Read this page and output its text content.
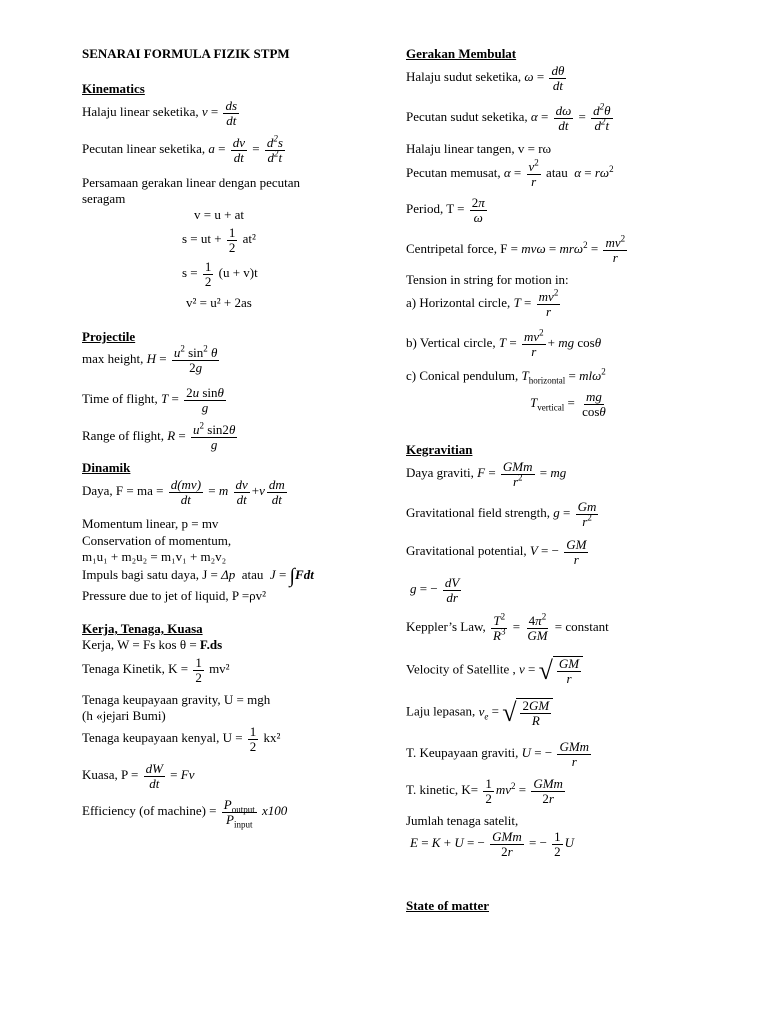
SENARAI FORMULA FIZIK STPM
Kinematics
Halaju linear seketika, $v = \frac{ds}{dt}$
Pecutan linear seketika, $a = \frac{dv}{dt} = \frac{d^2s}{d^2t}$
Persamaan gerakan linear dengan pecutan
seragam
v = u + at
s = ut + $\frac{1}{2} at^2$
$s = \frac{1}{2} (u + v)t$
v² = u² + 2as
Projectile
max height, $H = \frac{u^2 \sin^2 \theta}{2g}$
Time of flight, $T = \frac{\text{2u sinθ}}{g}$
Range of flight, $R = \frac{u^2 \sin 2\theta}{g}$
Dinamik
Daya, F = ma = $\frac{d(mv)}{dt} = m \frac{dv}{dt} +v \frac{dm}{dt}$
Momentum linear, p = mv
Conservation of momentum,
m₁u₁ + m₂u₂ = m₁v₁ + m₂v₂
Impuls bagi satu daya, J = Δp atau J = ∫Fdt
Pressure due to jet of liquid, P =ρv²
Kerja, Tenaga, Kuasa
Kerja, W = Fs kos θ = F.ds
Tenaga Kinetik, $K = \frac{1}{2} mv^2$
Tenaga keupayaan gravity, U = mgh
(h «jejari Bumi)
Tenaga keupayaan kenyal, $U = \frac{1}{2} kx^2$
Kuasa, $P = \frac{dW}{dt} = Fv$
Efficiency (of machine) = $P_{output}$
$P_{input}$
x100
Gerakan Membulat
Halaju sudut seketika, $\omega = \frac{d\theta}{dt}$
Pecutan sudut seketika, $\alpha = \frac{d\omega}{dt} = \frac{d^2\theta}{d^2t}$
Halaju linear tangen, v = rω
Pecutan memusat, $\alpha = \frac{v^2}{r}$ atau $\alpha = r\omega^2$
Period, $T = \frac{2\pi}{\omega}$
Centripetal force, $F = mv\omega = mr\omega^2 = \frac{mv^2}{r}$
Tension in string for motion in:
a) Horizontal circle, $T = \frac{mv^2}{r}$
b) Vertical circle, $T = \frac{mv^2}{r}$ + mg cosθ
c) Conical pendulum, $T_{horizontal} = ml\omega^2$
$T_{vertical} = \frac{mg}{\cos\theta}$
Kegravitian
Daya graviti, F = GMm
$r^2$ = mg
Gravitational field strength, $g = \frac{Gm}{r^2}$
Gravitational potential, V = − $\frac{GM}{r}$
g = − $\frac{dV}{dr}$
Keppler’s Law, $\frac{T^2}{R^3} = \frac{4\pi^2}{GM}$ = constant
Velocity of Satellite , v = √ $\frac{GM}{r}$
Laju lepasan, $v_e$ = √ $\frac{2GM}{R}$
T. Keupayaan graviti, U = − GMm
r
T. kinetic, $K= \frac{1}{2} mv^2$ = GMm
2r
Jumlah tenaga satelit,
E = K + U = − GMm
2r
= − $\frac{1}{2}$ U
State of matter
